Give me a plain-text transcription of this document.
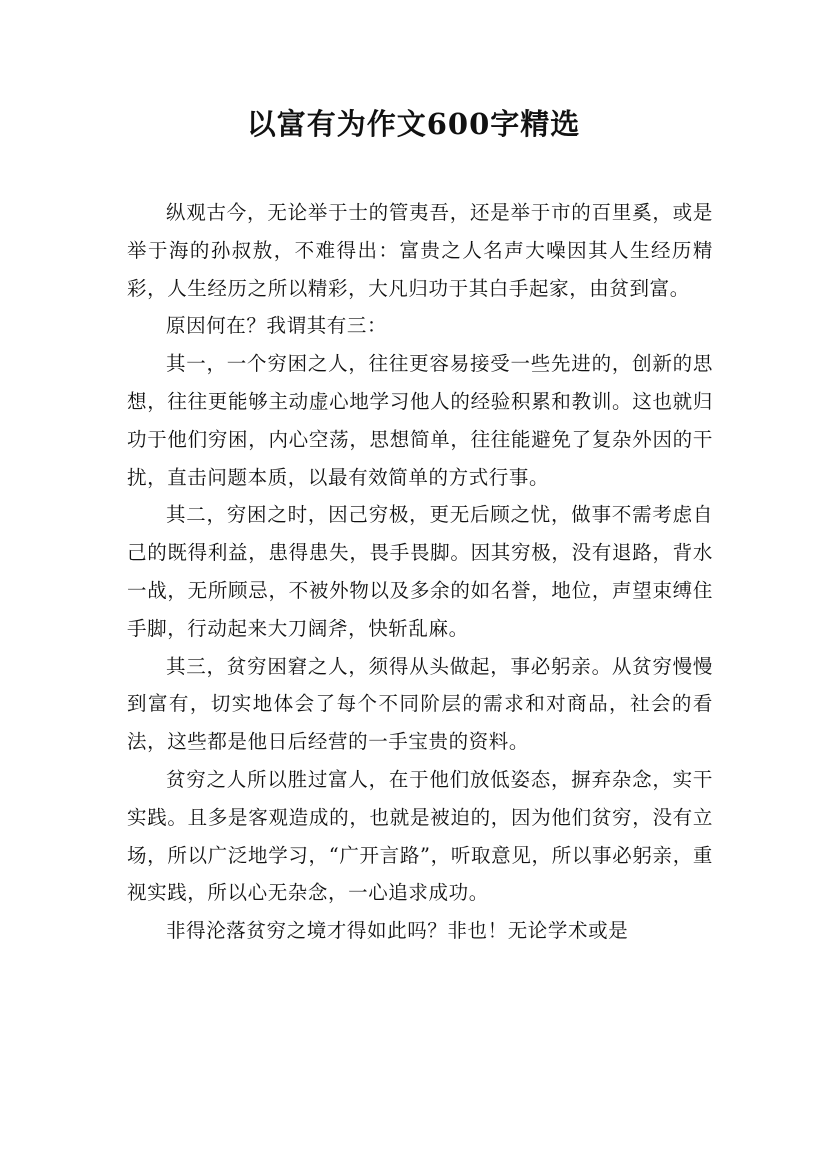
以富有为作文600字精选

纵观古今，无论举于士的管夷吾，还是举于市的百里奚，或是举于海的孙叔敖，不难得出：富贵之人名声大噪因其人生经历精彩，人生经历之所以精彩，大凡归功于其白手起家，由贫到富。

原因何在？我谓其有三：

其一，一个穷困之人，往往更容易接受一些先进的，创新的思想，往往更能够主动虚心地学习他人的经验积累和教训。这也就归功于他们穷困，内心空荡，思想简单，往往能避免了复杂外因的干扰，直击问题本质，以最有效简单的方式行事。

其二，穷困之时，因己穷极，更无后顾之忧，做事不需考虑自己的既得利益，患得患失，畏手畏脚。因其穷极，没有退路，背水一战，无所顾忌，不被外物以及多余的如名誉，地位，声望束缚住手脚，行动起来大刀阔斧，快斩乱麻。

其三，贫穷困窘之人，须得从头做起，事必躬亲。从贫穷慢慢到富有，切实地体会了每个不同阶层的需求和对商品，社会的看法，这些都是他日后经营的一手宝贵的资料。

贫穷之人所以胜过富人，在于他们放低姿态，摒弃杂念，实干实践。且多是客观造成的，也就是被迫的，因为他们贫穷，没有立场，所以广泛地学习，“广开言路”，听取意见，所以事必躬亲，重视实践，所以心无杂念，一心追求成功。

非得沦落贫穷之境才得如此吗？非也！无论学术或是
